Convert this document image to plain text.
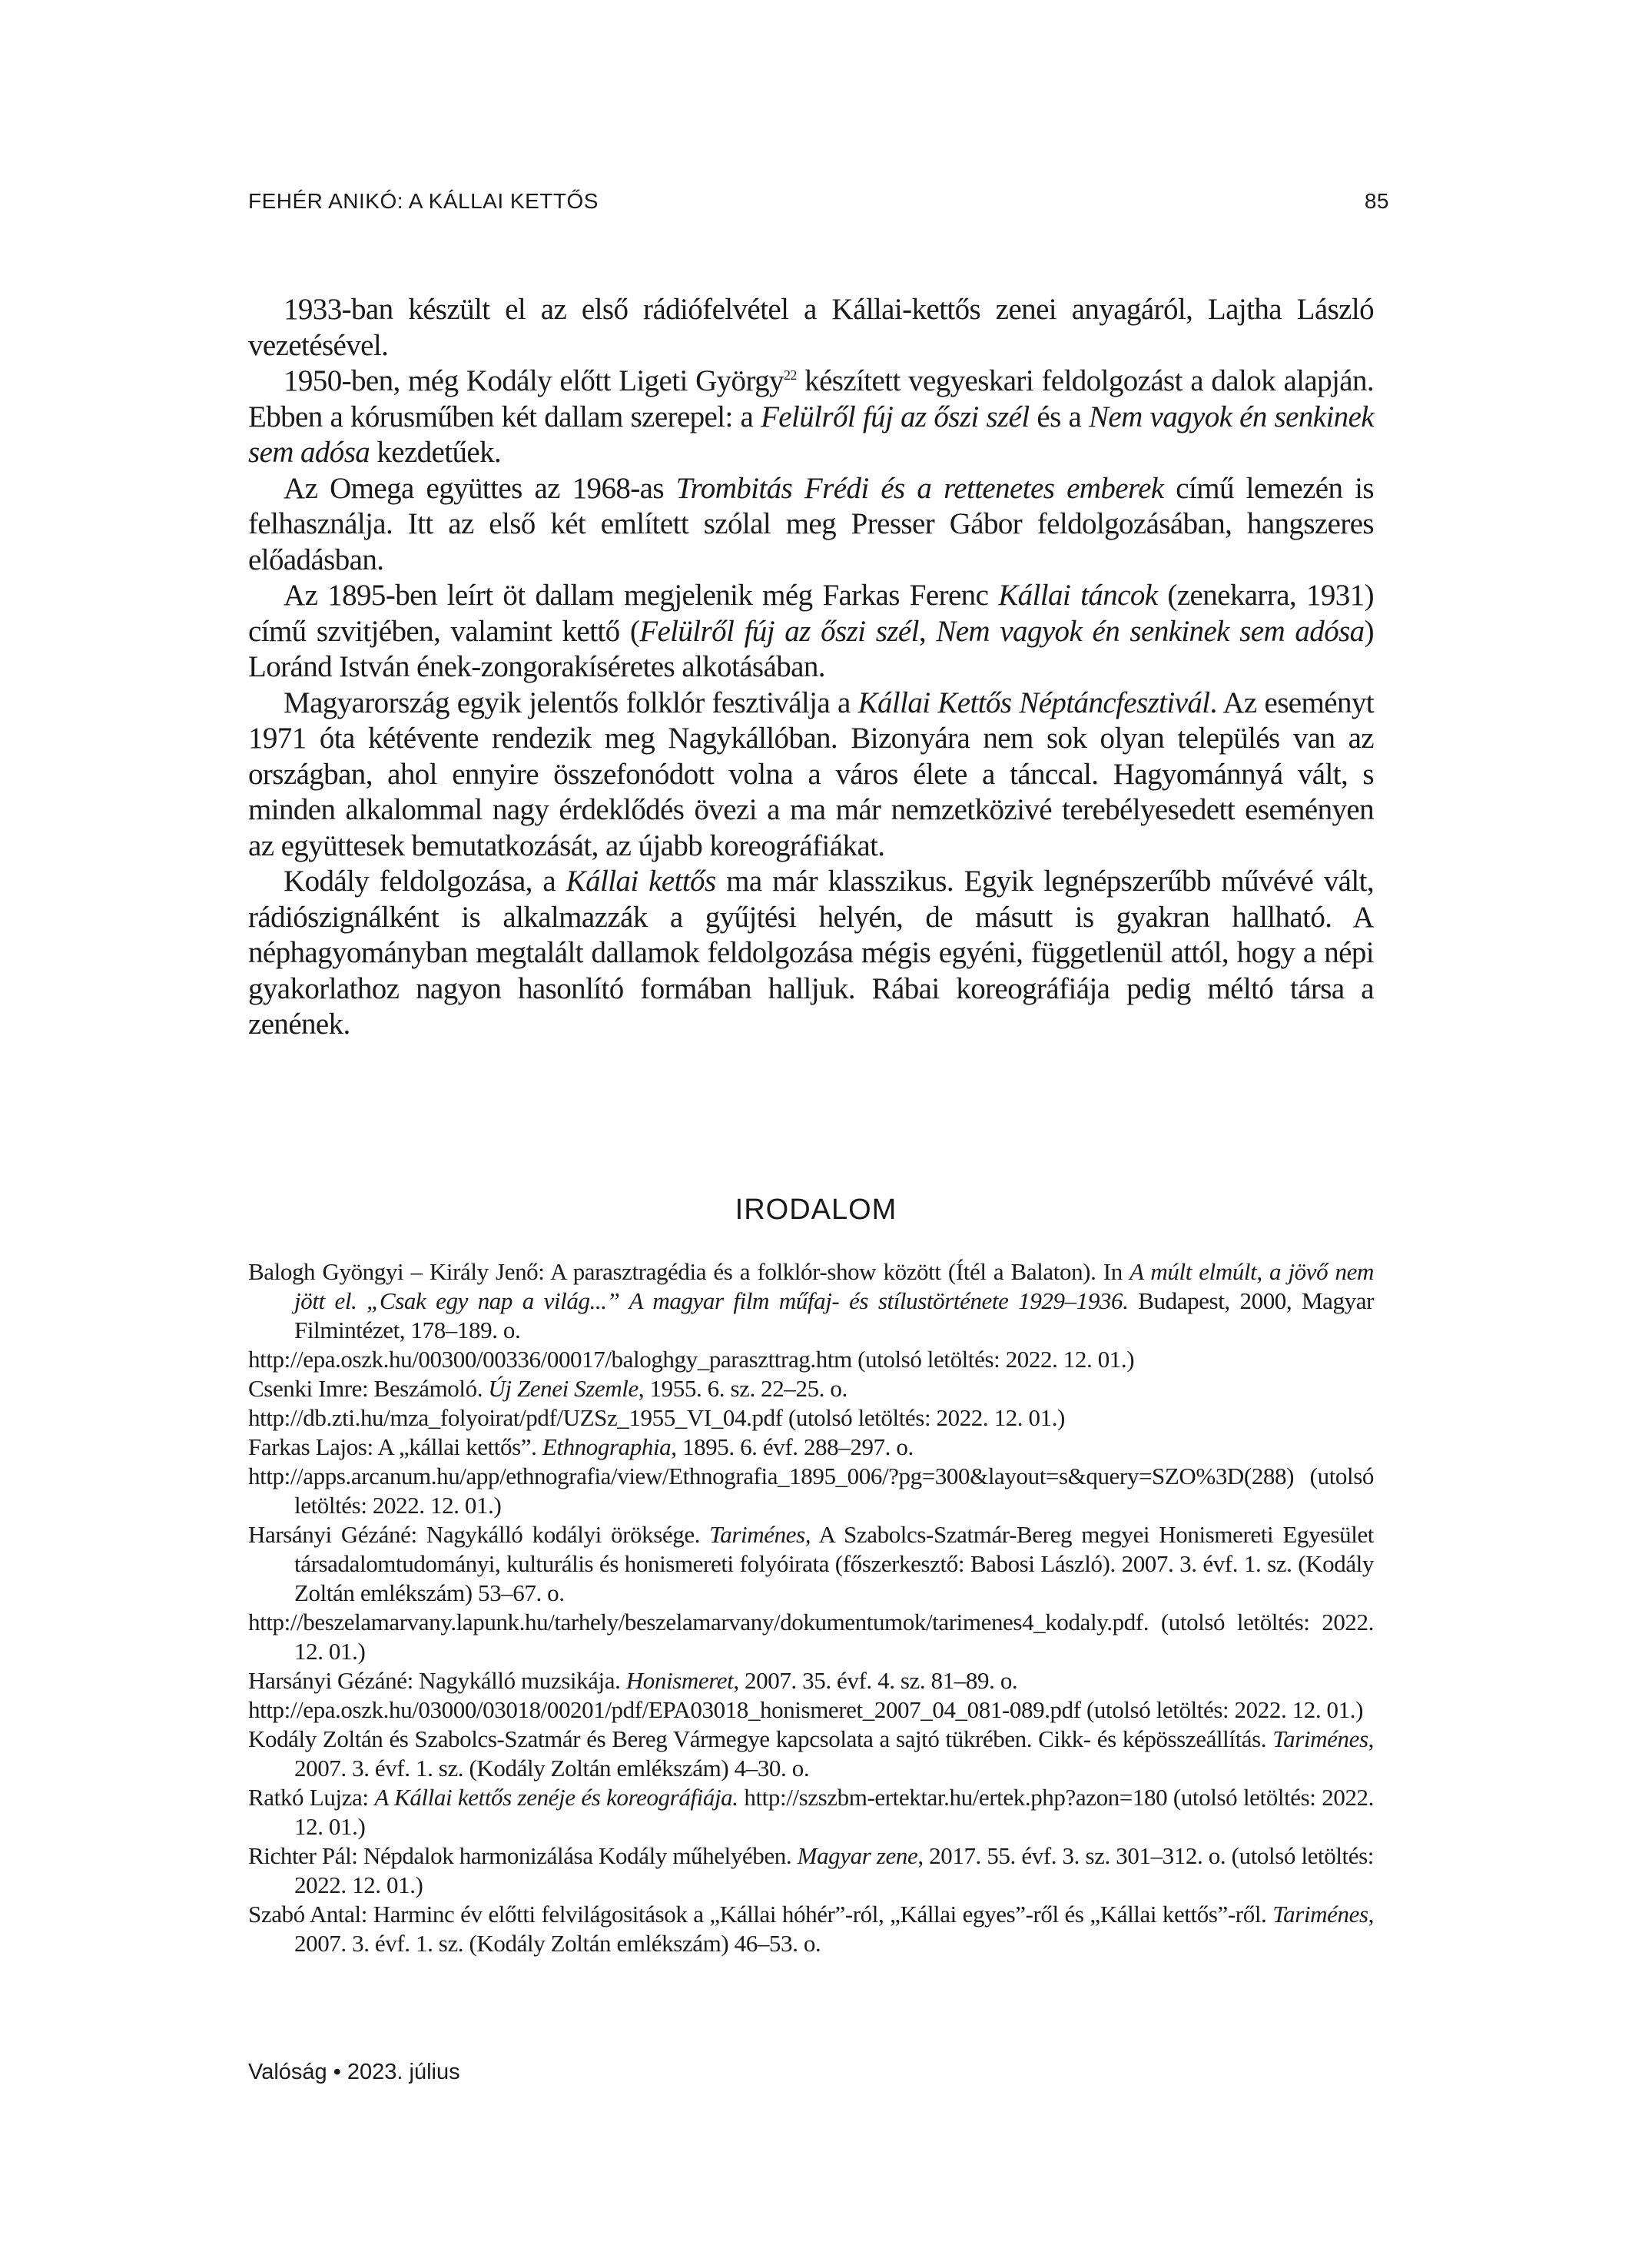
FEHÉR ANIKÓ: A KÁLLAI KETTŐS	85

1933-ban készült el az első rádiófelvétel a Kállai-kettős zenei anyagáról, Lajtha László vezetésével.

1950-ben, még Kodály előtt Ligeti György$^{22}$ készített vegyeskari feldolgozást a dalok alapján. Ebben a kórusműben két dallam szerepel: a Felülről fúj az őszi szél és a Nem vagyok én senkinek sem adósa kezdetűek.

Az Omega együttes az 1968-as Trombitás Frédi és a rettenetes emberek című lemezén is felhasználja. Itt az első két említett szólal meg Presser Gábor feldolgozásában, hangszeres előadásban.

Az 1895-ben leírt öt dallam megjelenik még Farkas Ferenc Kállai táncok (zenekarra, 1931) című szvitjében, valamint kettő (Felülről fúj az őszi szél, Nem vagyok én senkinek sem adósa) Loránd István ének-zongorakíséretes alkotásában.

Magyarország egyik jelentős folklór fesztiválja a Kállai Kettős Néptáncfesztivál. Az eseményt 1971 óta kétévente rendezik meg Nagykállóban. Bizonyára nem sok olyan település van az országban, ahol ennyire összefonódott volna a város élete a tánccal. Hagyománnyá vált, s minden alkalommal nagy érdeklődés övezi a ma már nemzetközivé terebélyesedett eseményen az együttesek bemutatkozását, az újabb koreográfiákat.

Kodály feldolgozása, a Kállai kettős ma már klasszikus. Egyik legnépszerűbb művévé vált, rádiószignálként is alkalmazzák a gyűjtési helyén, de másutt is gyakran hallható. A néphagyományban megtalált dallamok feldolgozása mégis egyéni, függetlenül attól, hogy a népi gyakorlathoz nagyon hasonlító formában halljuk. Rábai koreográfiája pedig méltó társa a zenének.

IRODALOM

Balogh Gyöngyi – Király Jenő: A parasztragédia és a folklór-show között (Ítél a Balaton). In A múlt elmúlt, a jövő nem jött el. „Csak egy nap a világ...” A magyar film műfaj- és stílustörténete 1929–1936. Budapest, 2000, Magyar Filmintézet, 178–189. o.
http://epa.oszk.hu/00300/00336/00017/baloghgy_paraszttrag.htm (utolsó letöltés: 2022. 12. 01.)

Csenki Imre: Beszámoló. Új Zenei Szemle, 1955. 6. sz. 22–25. o.
http://db.zti.hu/mza_folyoirat/pdf/UZSz_1955_VI_04.pdf (utolsó letöltés: 2022. 12. 01.)

Farkas Lajos: A „kállai kettős”. Ethnographia, 1895. 6. évf. 288–297. o.
http://apps.arcanum.hu/app/ethnografia/view/Ethnografia_1895_006/?pg=300&layout=s&query=SZO%3D(288) (utolsó letöltés: 2022. 12. 01.)

Harsányi Gézáné: Nagykálló kodályi öröksége. Tariménes, A Szabolcs-Szatmár-Bereg megyei Honismereti Egyesület társadalomtudományi, kulturális és honismereti folyóirata (főszerkesztő: Babosi László). 2007. 3. évf. 1. sz. (Kodály Zoltán emlékszám) 53–67. o.
http://beszelamarvany.lapunk.hu/tarhely/beszelamarvany/dokumentumok/tarimenes4_kodaly.pdf. (utolsó letöltés: 2022. 12. 01.)

Harsányi Gézáné: Nagykálló muzsikája. Honismeret, 2007. 35. évf. 4. sz. 81–89. o.
http://epa.oszk.hu/03000/03018/00201/pdf/EPA03018_honismeret_2007_04_081-089.pdf (utolsó letöltés: 2022. 12. 01.)

Kodály Zoltán és Szabolcs-Szatmár és Bereg Vármegye kapcsolata a sajtó tükrében. Cikk- és képösszeállítás. Tariménes, 2007. 3. évf. 1. sz. (Kodály Zoltán emlékszám) 4–30. o.

Ratkó Lujza: A Kállai kettős zenéje és koreográfiája. http://szszbm-ertektar.hu/ertek.php?azon=180 (utolsó letöltés: 2022. 12. 01.)

Richter Pál: Népdalok harmonizálása Kodály műhelyében. Magyar zene, 2017. 55. évf. 3. sz. 301–312. o. (utolsó letöltés: 2022. 12. 01.)

Szabó Antal: Harminc év előtti felvilágositások a „Kállai hóhér”-ról, „Kállai egyes”-ről és „Kállai kettős”-ről. Tariménes, 2007. 3. évf. 1. sz. (Kodály Zoltán emlékszám) 46–53. o.

Valóság • 2023. július
